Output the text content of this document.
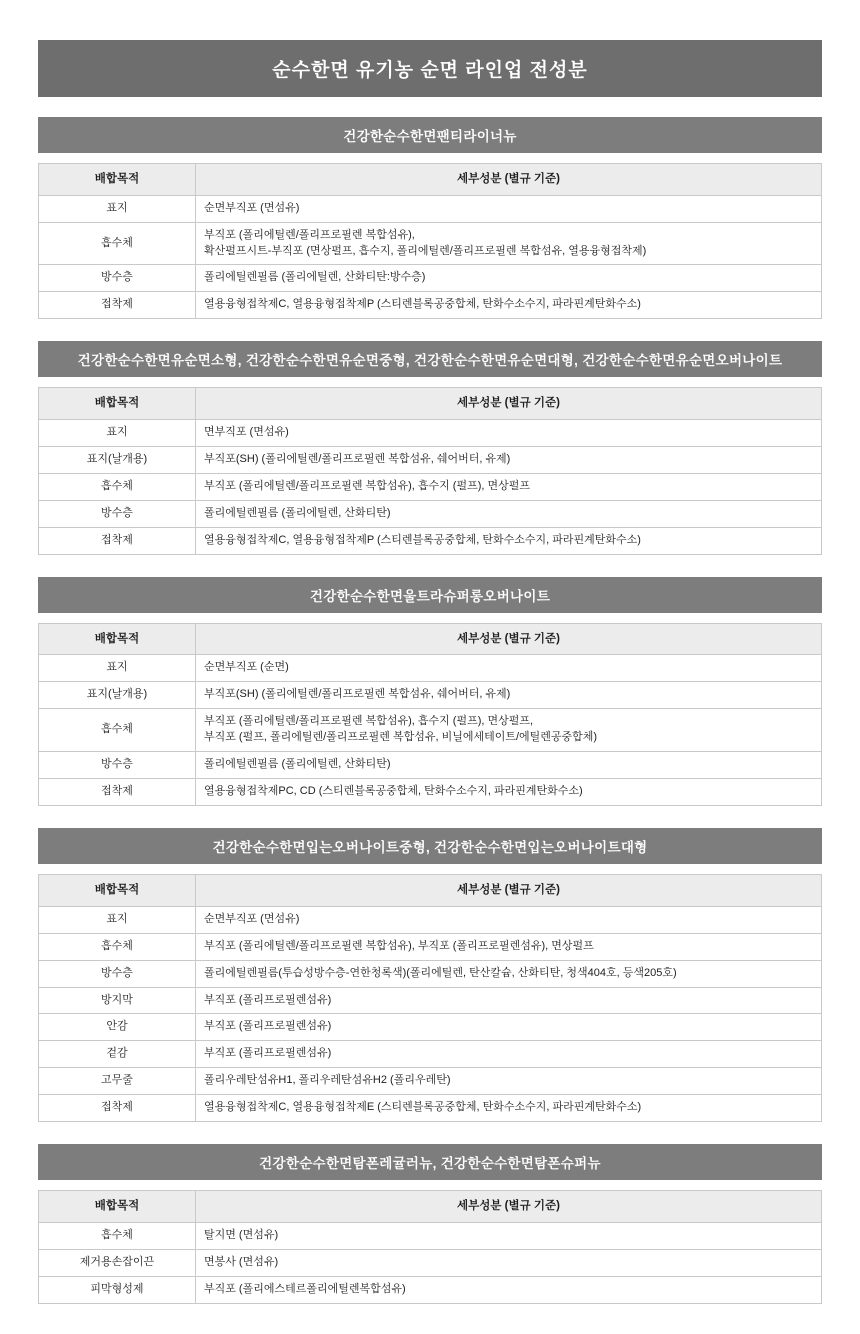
순수한면 유기농 순면 라인업 전성분
건강한순수한면팬티라이너뉴
배합목적	세부성분 (별규 기준)
표지	순면부직포 (면섬유)

흡수체	부직포 (폴리에틸렌/폴리프로필렌 복합섬유),
확산펄프시트-부직포 (면상펄프, 흡수지, 폴리에틸렌/폴리프로필렌 복합섬유, 열용융형접착제)

방수층	폴리에틸렌필름 (폴리에틸렌, 산화티탄:방수층)

접착제	열용융형접착제C, 열용융형접착제P (스티렌블록공중합체, 탄화수소수지, 파라핀계탄화수소)
건강한순수한면유순면소형, 건강한순수한면유순면중형, 건강한순수한면유순면대형, 건강한순수한면유순면오버나이트
배합목적	세부성분 (별규 기준)
표지	면부직포 (면섬유)

표지(날개용)	부직포(SH) (폴리에틸렌/폴리프로필렌 복합섬유, 쉐어버터, 유제)

흡수체	부직포 (폴리에틸렌/폴리프로필렌 복합섬유), 흡수지 (펄프), 면상펄프

방수층	폴리에틸렌필름 (폴리에틸렌, 산화티탄)

접착제	열용융형접착제C, 열용융형접착제P (스티렌블록공중합체, 탄화수소수지, 파라핀계탄화수소)
건강한순수한면울트라슈퍼롱오버나이트
배합목적	세부성분 (별규 기준)
표지	순면부직포 (순면)

표지(날개용)	부직포(SH) (폴리에틸렌/폴리프로필렌 복합섬유, 쉐어버터, 유제)

흡수체	부직포 (폴리에틸렌/폴리프로필렌 복합섬유), 흡수지 (펄프), 면상펄프,
부직포 (펄프, 폴리에틸렌/폴리프로필렌 복합섬유, 비닐에세테이트/에틸렌공중합체)

방수층	폴리에틸렌필름 (폴리에틸렌, 산화티탄)

접착제	열용융형접착제PC, CD (스티렌블록공중합체, 탄화수소수지, 파라핀계탄화수소)
건강한순수한면입는오버나이트중형, 건강한순수한면입는오버나이트대형
배합목적	세부성분 (별규 기준)
표지	순면부직포 (면섬유)

흡수체	부직포 (폴리에틸렌/폴리프로필렌 복합섬유), 부직포 (폴리프로필렌섬유), 면상펄프

방수층	폴리에틸렌필름(투습성방수층-연한청록색)(폴리에틸렌, 탄산칼슘, 산화티탄, 청색404호, 등색205호)

방지막	부직포 (폴리프로필렌섬유)

안감	부직포 (폴리프로필렌섬유)

겉감	부직포 (폴리프로필렌섬유)

고무줄	폴리우레탄섬유H1, 폴리우레탄섬유H2 (폴리우레탄)

접착제	열용융형접착제C, 열용융형접착제E (스티렌블록공중합체, 탄화수소수지, 파라핀계탄화수소)
건강한순수한면탐폰레귤러뉴, 건강한순수한면탐폰슈퍼뉴
배합목적	세부성분 (별규 기준)
흡수체	탈지면 (면섬유)

제거용손잡이끈	면봉사 (면섬유)

피막형성제	부직포 (폴리에스테르폴리에틸렌복합섬유)
